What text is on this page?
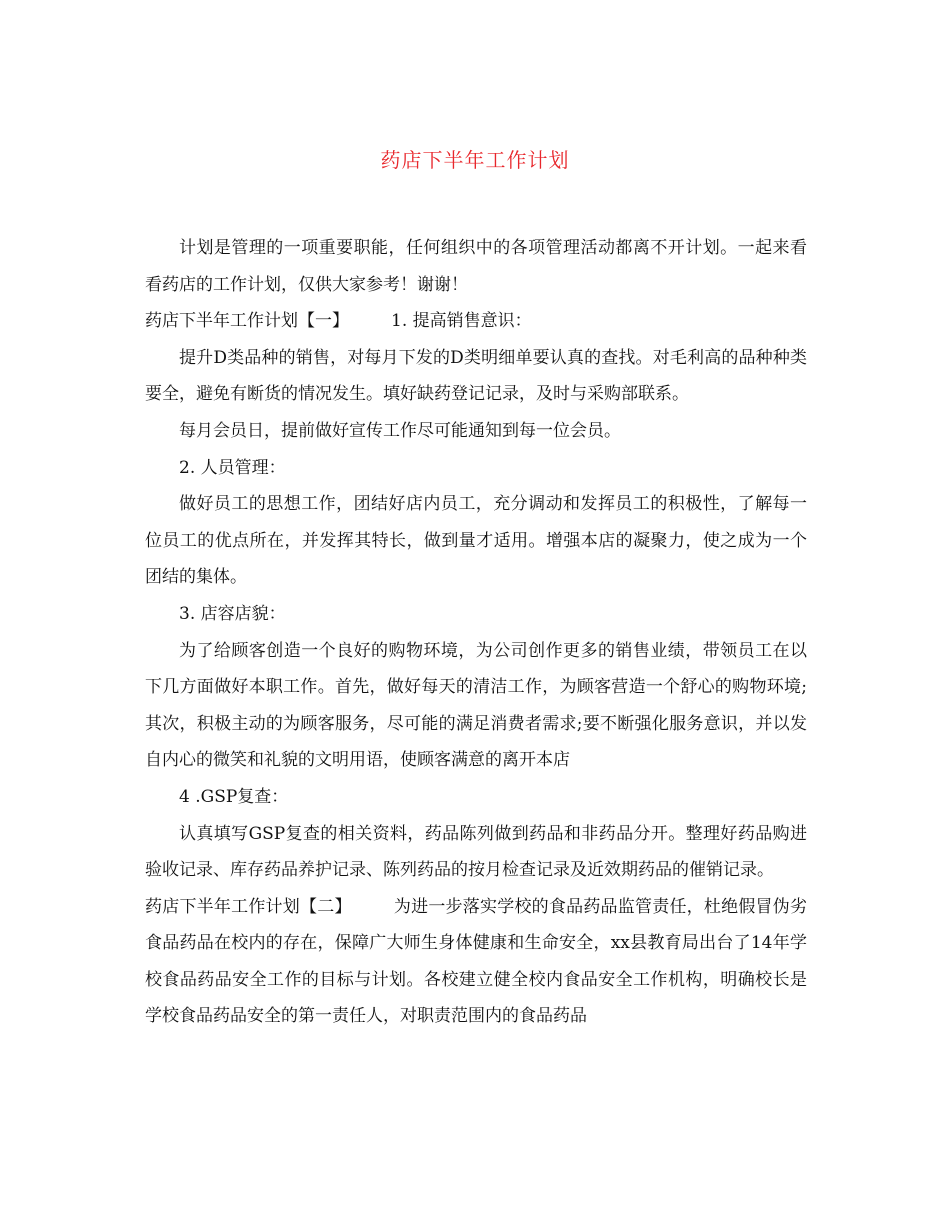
药店下半年工作计划

计划是管理的一项重要职能，任何组织中的各项管理活动都离不开计划。一起来看看药店的工作计划，仅供大家参考！谢谢！

药店下半年工作计划【一】 1. 提高销售意识：

提升D类品种的销售，对每月下发的D类明细单要认真的查找。对毛利高的品种种类要全，避免有断货的情况发生。填好缺药登记记录，及时与采购部联系。

每月会员日，提前做好宣传工作尽可能通知到每一位会员。

2. 人员管理：

做好员工的思想工作，团结好店内员工，充分调动和发挥员工的积极性，了解每一位员工的优点所在，并发挥其特长，做到量才适用。增强本店的凝聚力，使之成为一个团结的集体。

3. 店容店貌：

为了给顾客创造一个良好的购物环境，为公司创作更多的销售业绩，带领员工在以下几方面做好本职工作。首先，做好每天的清洁工作，为顾客营造一个舒心的购物环境;其次，积极主动的为顾客服务，尽可能的满足消费者需求;要不断强化服务意识，并以发自内心的微笑和礼貌的文明用语，使顾客满意的离开本店

4 .GSP复查：

认真填写GSP复查的相关资料，药品陈列做到药品和非药品分开。整理好药品购进验收记录、库存药品养护记录、陈列药品的按月检查记录及近效期药品的催销记录。

药店下半年工作计划【二】 为进一步落实学校的食品药品监管责任，杜绝假冒伪劣食品药品在校内的存在，保障广大师生身体健康和生命安全，xx县教育局出台了14年学校食品药品安全工作的目标与计划。各校建立健全校内食品安全工作机构，明确校长是学校食品药品安全的第一责任人，对职责范围内的食品药品
